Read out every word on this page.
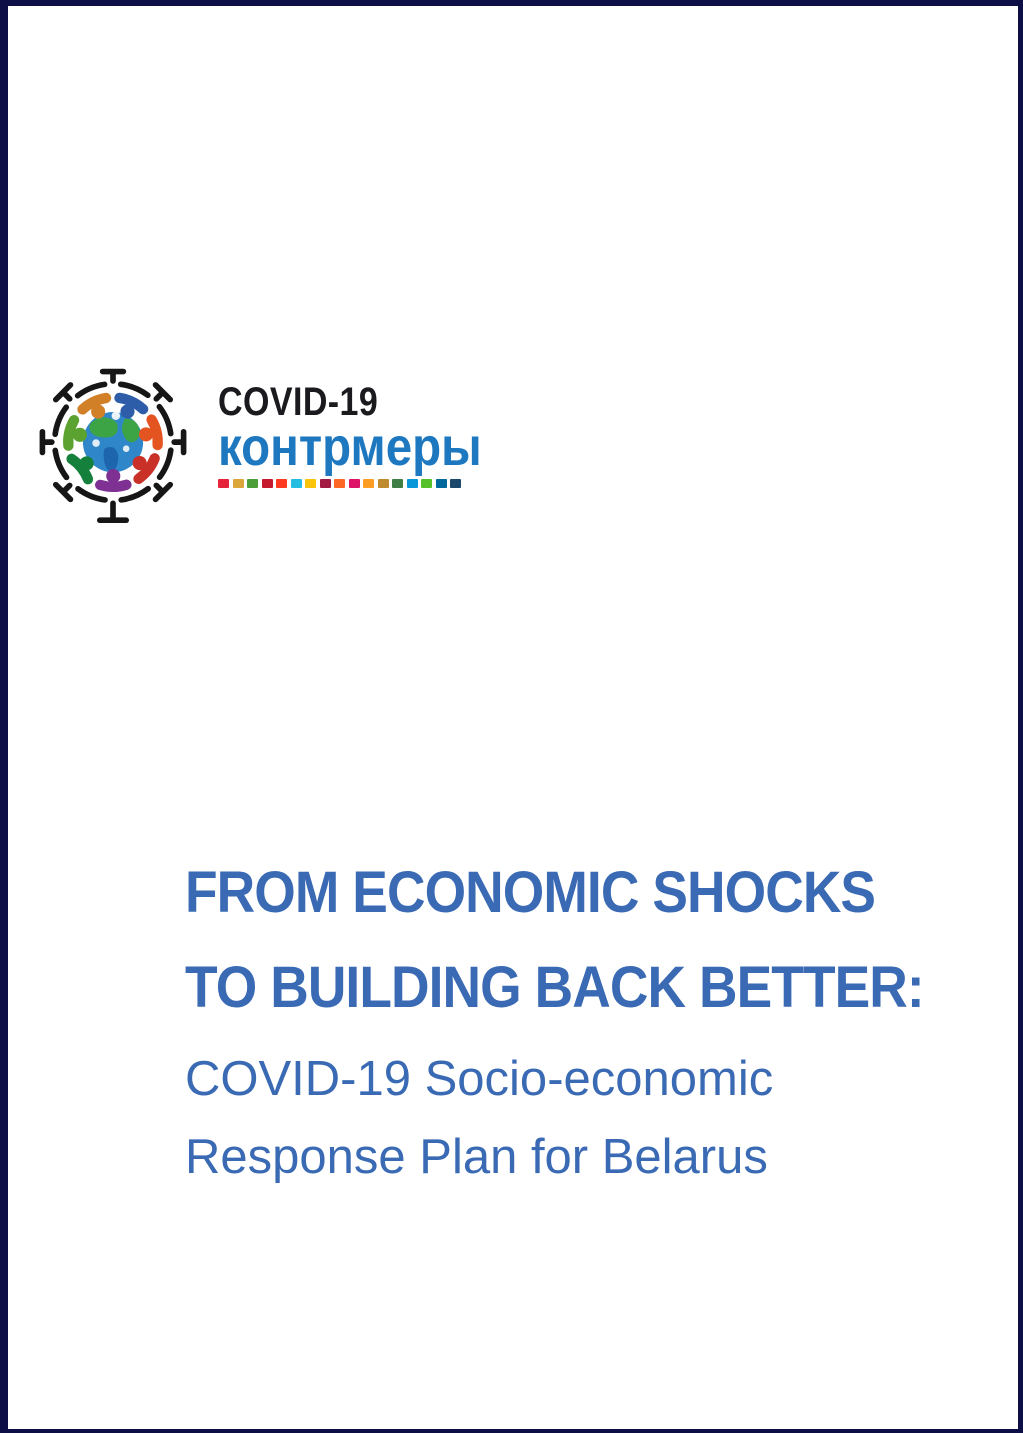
COVID-19
контрмеры
FROM ECONOMIC SHOCKS
TO BUILDING BACK BETTER:
COVID-19 Socio-economic
Response Plan for Belarus
